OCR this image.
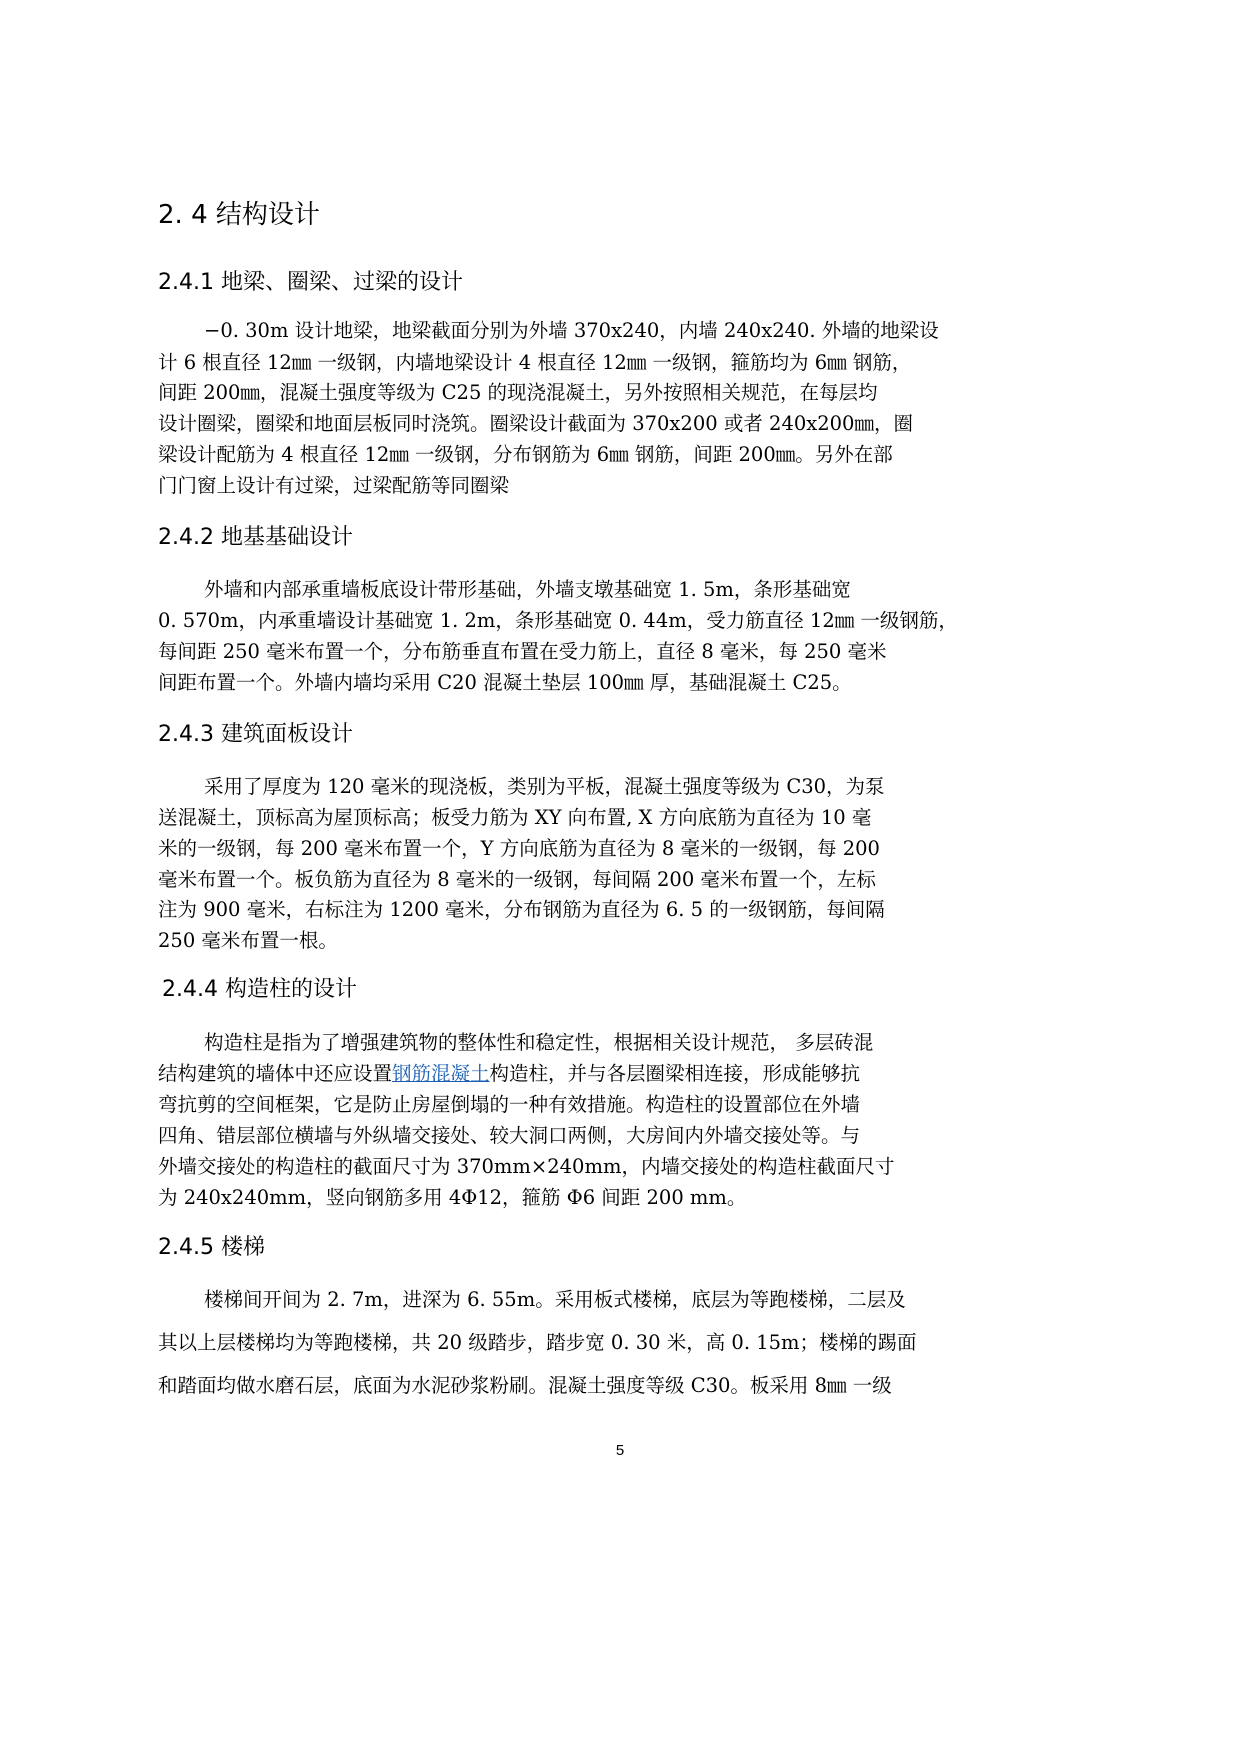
2. 4 结构设计
2.4.1 地梁、圈梁、过梁的设计
−0. 30m 设计地梁，地梁截面分别为外墙 370x240，内墙 240x240. 外墙的地梁设
计 6 根直径 12㎜ 一级钢，内墙地梁设计 4 根直径 12㎜ 一级钢，箍筋均为 6㎜ 钢筋，
间距 200㎜，混凝土强度等级为 C25 的现浇混凝土，另外按照相关规范，在每层均
设计圈梁，圈梁和地面层板同时浇筑。圈梁设计截面为 370x200 或者 240x200㎜，圈
梁设计配筋为 4 根直径 12㎜ 一级钢，分布钢筋为 6㎜ 钢筋，间距 200㎜。另外在部
门门窗上设计有过梁，过梁配筋等同圈梁
2.4.2 地基基础设计
外墙和内部承重墙板底设计带形基础，外墙支墩基础宽 1. 5m，条形基础宽
0. 570m，内承重墙设计基础宽 1. 2m，条形基础宽 0. 44m，受力筋直径 12㎜ 一级钢筋，
每间距 250 毫米布置一个，分布筋垂直布置在受力筋上，直径 8 毫米，每 250 毫米
间距布置一个。外墙内墙均采用 C20 混凝土垫层 100㎜ 厚，基础混凝土 C25。
2.4.3 建筑面板设计
采用了厚度为 120 毫米的现浇板，类别为平板，混凝土强度等级为 C30，为泵
送混凝土，顶标高为屋顶标高；板受力筋为 XY 向布置, X 方向底筋为直径为 10 毫
米的一级钢，每 200 毫米布置一个，Y 方向底筋为直径为 8 毫米的一级钢，每 200
毫米布置一个。板负筋为直径为 8 毫米的一级钢，每间隔 200 毫米布置一个，左标
注为 900 毫米，右标注为 1200 毫米，分布钢筋为直径为 6. 5 的一级钢筋，每间隔
250 毫米布置一根。
2.4.4 构造柱的设计
构造柱是指为了增强建筑物的整体性和稳定性，根据相关设计规范， 多层砖混
结构建筑的墙体中还应设置钢筋混凝土构造柱，并与各层圈梁相连接，形成能够抗
弯抗剪的空间框架，它是防止房屋倒塌的一种有效措施。构造柱的设置部位在外墙
四角、错层部位横墙与外纵墙交接处、较大洞口两侧，大房间内外墙交接处等。与
外墙交接处的构造柱的截面尺寸为 370mm×240mm，内墙交接处的构造柱截面尺寸
为 240x240mm，竖向钢筋多用 4Φ12，箍筋 Φ6 间距 200 mm。
2.4.5 楼梯
楼梯间开间为 2. 7m，进深为 6. 55m。采用板式楼梯，底层为等跑楼梯，二层及
其以上层楼梯均为等跑楼梯，共 20 级踏步，踏步宽 0. 30 米，高 0. 15m；楼梯的踢面
和踏面均做水磨石层，底面为水泥砂浆粉刷。混凝土强度等级 C30。板采用 8㎜ 一级
5
